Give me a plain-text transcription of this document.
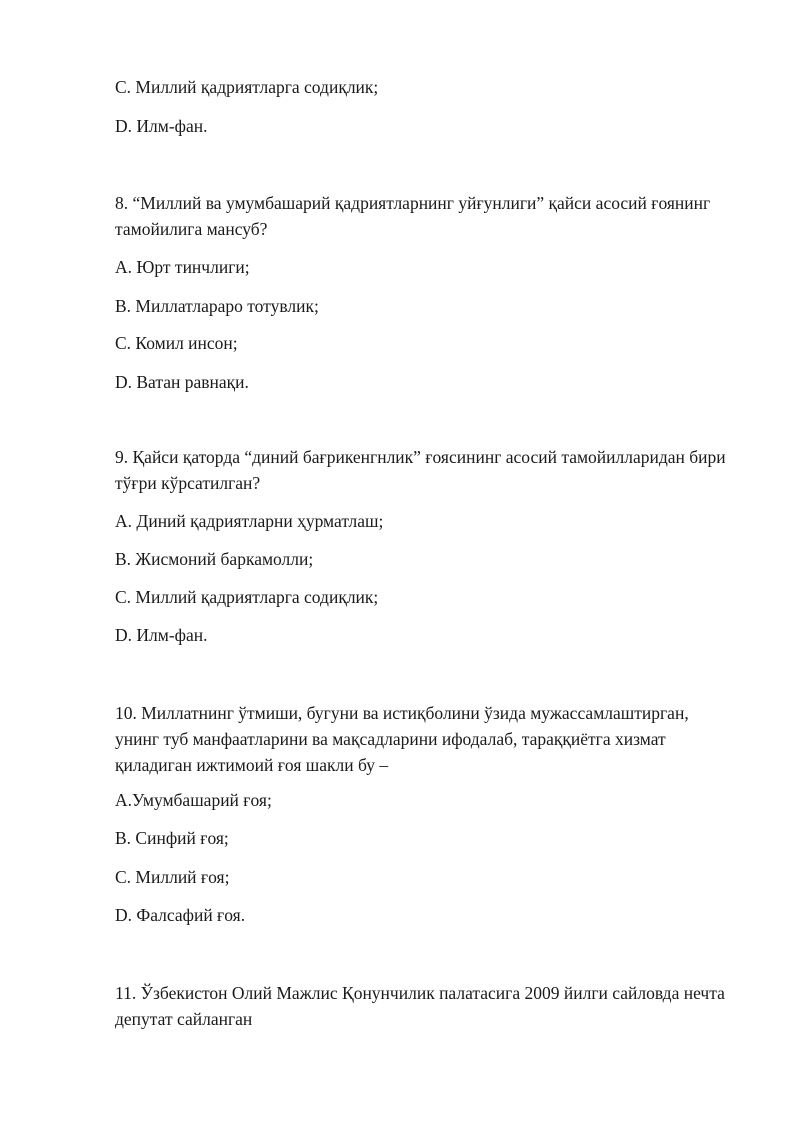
C. Миллий қадриятларга содиқлик;
D. Илм-фан.
8. “Миллий ва умумбашарий қадриятларнинг уйғунлиги” қайси асосий ғоянинг тамойилига мансуб?
A. Юрт тинчлиги;
B. Миллатлараро тотувлик;
C. Комил инсон;
D. Ватан равнақи.
9. Қайси қаторда “диний бағрикенгнлик” ғоясининг асосий тамойилларидан бири тўғри кўрсатилган?
A. Диний қадриятларни ҳурматлаш;
B. Жисмоний баркамолли;
C. Миллий қадриятларга содиқлик;
D. Илм-фан.
10. Миллатнинг ўтмиши, бугуни ва истиқболини ўзида мужассамлаштирган, унинг туб манфаатларини ва мақсадларини ифодалаб, тараққиётга хизмат қиладиган ижтимоий ғоя шакли бу –
A.Умумбашарий ғоя;
B. Синфий ғоя;
C. Миллий ғоя;
D. Фалсафий ғоя.
11. Ўзбекистон Олий Мажлис Қонунчилик палатасига 2009 йилги сайловда нечта депутат сайланган
